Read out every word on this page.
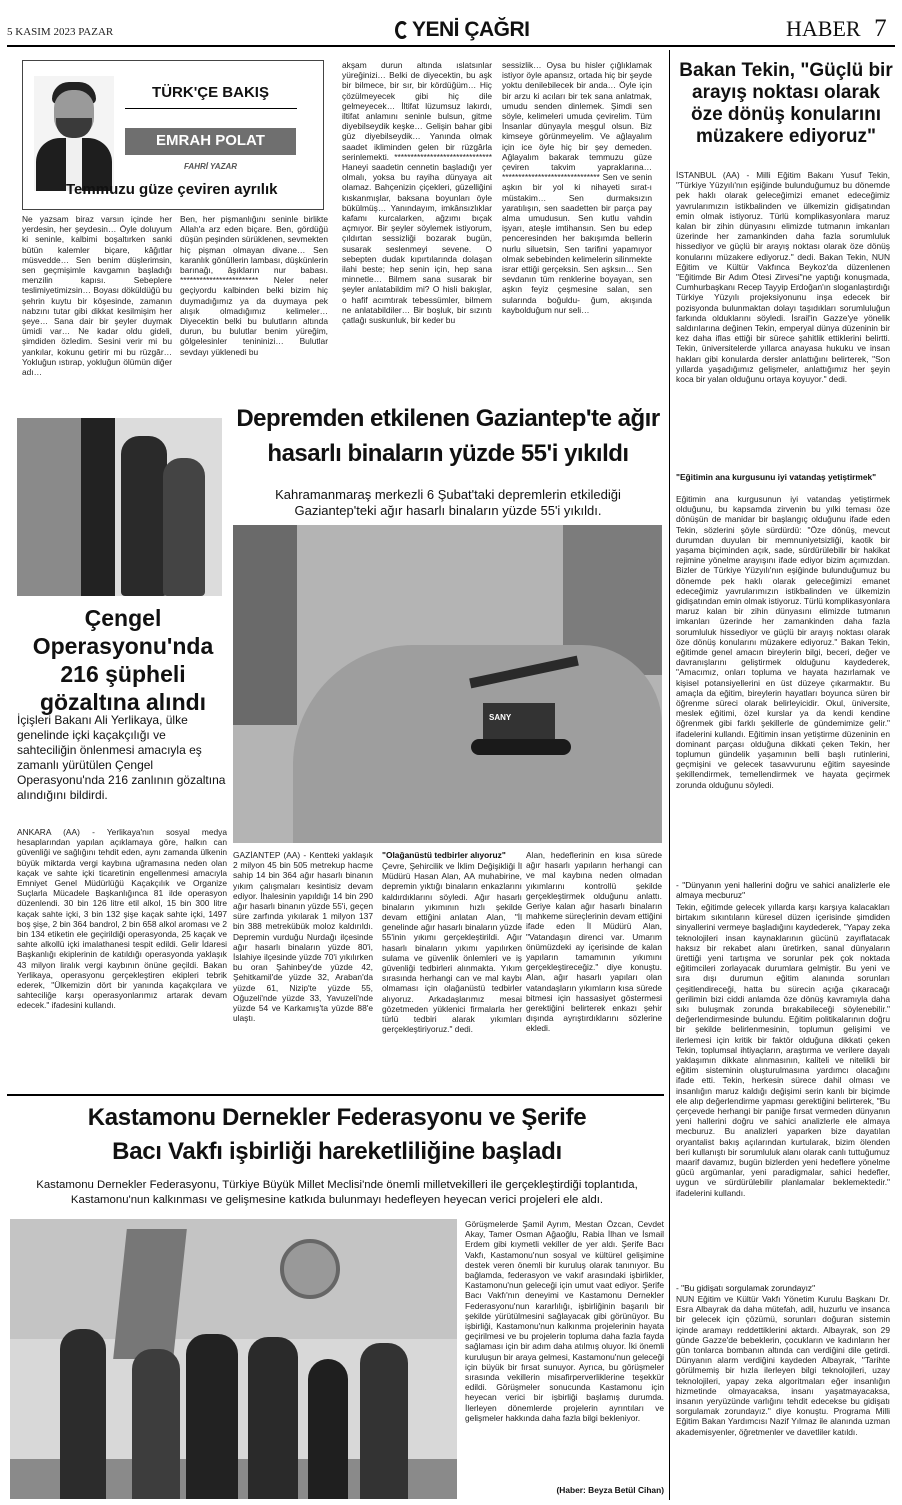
5 KASIM 2023 PAZAR	YENİ ÇAĞRI	HABER 7
TÜRK'ÇE BAKIŞ
EMRAH POLAT
FAHRİ YAZAR
Temmuzu güze çeviren ayrılık
Ne yazsam biraz varsın içinde her yerdesin, her şeydesin… Öyle doluyum ki seninle, kalbimi boşaltırken sanki bütün kalemler biçare, kâğıtlar müsvedde… Sen benim düşlerimsin, sen geçmişimle kavgamın başladığı menzilin kapısı. Sebeplere teslimiyetimizsin… Boyası döküldüğü bu şehrin kuytu bir köşesinde, zamanın nabzını tutar gibi dikkat kesilmişim her şeye… Sana dair bir şeyler duymak ümidi var… Ne kadar oldu gideli, şimdiden özledim. Sesini verir mi bu yankılar, kokunu getirir mi bu rüzgâr… Yokluğun ıstırap, yokluğun ölümün diğer adı…
Ben, her pişmanlığını seninle birlikte Allah'a arz eden biçare. Ben, gördüğü düşün peşinden sürüklenen, sevmekten hiç pişman olmayan divane… Sen karanlık gönüllerin lambası, düşkünlerin barınağı, âşıkların nur babası. ************************ Neler neler geçiyordu kalbinden belki bizim hiç duymadığımız ya da duymaya pek alışık olmadığımız kelimeler… Diyecektin belki bu bulutların altında durun, bu bulutlar benim yüreğim, gölgelesinler tenininizi… Bulutlar sevdayı yüklenedi bu
akşam durun altında ıslatsınlar yüreğinizi… Belki de diyecektin, bu aşk bir bilmece, bir sır, bir kördüğüm… Hiç çözülmeyecek gibi hiç dile gelmeyecek… İltifat lüzumsuz lakırdı, iltifat anlamını seninle bulsun, gitme diyebilseydik keşke… Gelişin bahar gibi güz diyebilseydik… Yanında olmak saadet ikliminden gelen bir rüzgârla serinlemekti. ****************************** Haneyi saadetin cennetin başladığı yer olmalı, yoksa bu rayiha dünyaya ait olamaz. Bahçenizin çiçekleri, güzelliğini kıskanmışlar, baksana boyunları öyle bükülmüş… Yanındayım, imkânsızlıklar kafamı kurcalarken, ağzımı bıçak açmıyor. Bir şeyler söylemek istiyorum, çıldırtan sessizliği bozarak bugün, susarak seslenmeyi sevene. O sebepten dudak kıpırtılarında dolaşan ilahi beste; hep senin için, hep sana minnetle… Bilmem sana susarak bir şeyler anlatabildim mi? O hisli bakışlar, o hafif acımtırak tebessümler, bilmem ne anlatabildiler… Bir boşluk, bir sızıntı çatlağı suskunluk, bir keder bu
sessizlik… Oysa bu hisler çığlıklamak istiyor öyle apansız, ortada hiç bir şeyde yoktu denilebilecek bir anda… Öyle için bir arzu ki acıları bir tek sana anlatmak, umudu senden dinlemek. Şimdi sen söyle, kelimeleri umuda çevirelim. Tüm İnsanlar dünyayla meşgul olsun. Biz kimseye görünmeyelim. Ve ağlayalım için ice öyle hiç bir şey demeden. Ağlayalım bakarak temmuzu güze çeviren takvim yapraklarına… ****************************** Sen ve senin aşkın bir yol ki nihayeti sırat-ı müstakim… Sen durmaksızın yaratılışın, sen saadetten bir parça pay alma umudusun. Sen kutlu vahdin işyarı, ateşle imtihansın. Sen bu edep penceresinden her bakışımda bellerin nurlu siluetsin, Sen tarifini yapamıyor olmak sebebinden kelimelerin silinmekte israr ettiği gerçeksin. Sen aşksın… Sen sevdanın tüm renklerine boyayan, sen aşkın feyiz çeşmesine salan, sen sularında boğuldu- ğum, akışında kaybolduğum nur seli…
Bakan Tekin, "Güçlü bir arayış noktası olarak öze dönüş konularını müzakere ediyoruz"
İSTANBUL (AA) - Milli Eğitim Bakanı Yusuf Tekin, "Türkiye Yüzyılı'nın eşiğinde bulunduğumuz bu dönemde pek haklı olarak geleceğimizi emanet edeceğimiz yavrularımızın istikbalinden ve ülkemizin gidişatından emin olmak istiyoruz. Türlü komplikasyonlara maruz kalan bir zihin dünyasını elimizde tutmanın imkanları üzerinde her zamankinden daha fazla sorumluluk hissediyor ve güçlü bir arayış noktası olarak öze dönüş konularını müzakere ediyoruz." dedi. Bakan Tekin, NUN Eğitim ve Kültür Vakfınca Beykoz'da düzenlenen "Eğitimde Bir Adım Ötesi Zirvesi"ne yaptığı konuşmada, Cumhurbaşkanı Recep Tayyip Erdoğan'ın sloganlaştırdığı Türkiye Yüzyılı projeksiyonunu inşa edecek bir pozisyonda bulunmaktan dolayı taşıdıkları sorumluluğun farkında olduklarını söyledi. İsrail'in Gazze'ye yönelik saldırılarına değinen Tekin, emperyal dünya düzeninin bir kez daha iflas ettiği bir sürece şahitlik ettiklerini belirtti. Tekin, üniversitelerde yıllarca anayasa hukuku ve insan hakları gibi konularda dersler anlattığını belirterek, "Son yıllarda yaşadığımız gelişmeler, anlattığımız her şeyin koca bir yalan olduğunu ortaya koyuyor." dedi.
"Eğitimin ana kurgusunu iyi vatandaş yetiştirmek"
Eğitimin ana kurgusunun iyi vatandaş yetiştirmek olduğunu, bu kapsamda zirvenin bu yılki teması öze dönüşün de manidar bir başlangıç olduğunu ifade eden Tekin, sözlerini şöyle sürdürdü: "Öze dönüş, mevcut durumdan duyulan bir memnuniyetsizliği, kaotik bir yaşama biçiminden açık, sade, sürdürülebilir bir hakikat rejimine yönelme arayışını ifade ediyor bizim açımızdan. Bizler de Türkiye Yüzyılı'nın eşiğinde bulunduğumuz bu dönemde pek haklı olarak geleceğimizi emanet edeceğimiz yavrularımızın istikbalinden ve ülkemizin gidişatından emin olmak istiyoruz. Türlü komplikasyonlara maruz kalan bir zihin dünyasını elimizde tutmanın imkanları üzerinde her zamankinden daha fazla sorumluluk hissediyor ve güçlü bir arayış noktası olarak öze dönüş konularını müzakere ediyoruz." Bakan Tekin, eğitimde genel amacın bireylerin bilgi, beceri, değer ve davranışlarını geliştirmek olduğunu kaydederek, "Amacımız, onları topluma ve hayata hazırlamak ve kişisel potansiyellerini en üst düzeye çıkarmaktır. Bu amaçla da eğitim, bireylerin hayatları boyunca süren bir öğrenme süreci olarak belirleyicidir. Okul, üniversite, meslek eğitimi, özel kurslar ya da kendi kendine öğrenmek gibi farklı şekillerle de gündemimize gelir." ifadelerini kullandı. Eğitimin insan yetiştirme düzeninin en dominant parçası olduğuna dikkati çeken Tekin, her toplumun gündelik yaşamının belli başlı rutinlerini, geçmişini ve gelecek tasavvurunu eğitim sayesinde şekillendirmek, temellendirmek ve hayata geçirmek zorunda olduğunu söyledi.
- "Dünyanın yeni hallerini doğru ve sahici analizlerle ele almaya mecburuz"
Tekin, eğitimde gelecek yıllarda karşı karşıya kalacakları birtakım sıkıntıların küresel düzen içerisinde şimdiden sinyallerini vermeye başladığını kaydederek, "Yapay zeka teknolojileri insan kaynaklarının gücünü zayıflatacak haksız bir rekabet alanı üretirken, sanal dünyaların ürettiği yeni tartışma ve sorunlar pek çok noktada eğitimcileri zorlayacak durumlara gelmiştir. Bu yeni ve sıra dışı durumun eğitim alanında sorunları çeşitlendireceği, hatta bu sürecin açığa çıkaracağı gerilimin bizi ciddi anlamda öze dönüş kavramıyla daha sıkı buluşmak zorunda bırakabileceği söylenebilir." değerlendirmesinde bulundu. Eğitim politikalarının doğru bir şekilde belirlenmesinin, toplumun gelişimi ve ilerlemesi için kritik bir faktör olduğuna dikkati çeken Tekin, toplumsal ihtiyaçların, araştırma ve verilere dayalı yaklaşımın dikkate alınmasının, kaliteli ve nitelikli bir eğitim sisteminin oluşturulmasına yardımcı olacağını ifade etti. Tekin, herkesin sürece dahil olması ve insanlığın maruz kaldığı değişimi serin kanlı bir biçimde ele alıp değerlendirme yapması gerektiğini belirterek, "Bu çerçevede herhangi bir paniğe fırsat vermeden dünyanın yeni hallerini doğru ve sahici analizlerle ele almaya mecburuz. Bu analizleri yaparken bize dayatılan oryantalist bakış açılarından kurtularak, bizim ölenden beri kullanıştı bir sorumluluk alanı olarak canlı tuttuğumuz maarif davamız, bugün bizlerden yeni hedeflere yönelme gücü argümanlar, yeni paradigmalar, sahici hedefler, uygun ve sürdürülebilir planlamalar beklemektedir." ifadelerini kullandı.
- "Bu gidişatı sorgulamak zorundayız"
NUN Eğitim ve Kültür Vakfı Yönetim Kurulu Başkanı Dr. Esra Albayrak da daha mütefah, adil, huzurlu ve insanca bir gelecek için çözümü, sorunları doğuran sistemin içinde aramayı reddettiklerini aktardı. Albayrak, son 29 günde Gazze'de bebeklerin, çocukların ve kadınların her gün tonlarca bombanın altında can verdiğini dile getirdi. Dünyanın alarm verdiğini kaydeden Albayrak, "Tarihte görülmemiş bir hızla ilerleyen bilgi teknolojileri, uzay teknolojileri, yapay zeka algoritmaları eğer insanlığın hizmetinde olmayacaksa, insanı yaşatmayacaksa, insanın yeryüzünde varlığını tehdit edecekse bu gidişatı sorgulamak zorundayız." diye konuştu. Programa Milli Eğitim Bakan Yardımcısı Nazif Yılmaz ile alanında uzman akademisyenler, öğretmenler ve davetliler katıldı.
Çengel Operasyonu'nda 216 şüpheli gözaltına alındı
İçişleri Bakanı Ali Yerlikaya, ülke genelinde içki kaçakçılığı ve sahteciliğin önlenmesi amacıyla eş zamanlı yürütülen Çengel Operasyonu'nda 216 zanlının gözaltına alındığını bildirdi.
ANKARA (AA) - Yerlikaya'nın sosyal medya hesaplarından yapılan açıklamaya göre, halkın can güvenliği ve sağlığını tehdit eden, aynı zamanda ülkenin büyük miktarda vergi kaybına uğramasına neden olan kaçak ve sahte içki ticaretinin engellenmesi amacıyla Emniyet Genel Müdürlüğü Kaçakçılık ve Organize Suçlarla Mücadele Başkanlığınca 81 ilde operasyon düzenlendi. 30 bin 126 litre etil alkol, 15 bin 300 litre kaçak sahte içki, 3 bin 132 şişe kaçak sahte içki, 1497 boş şişe, 2 bin 364 bandrol, 2 bin 658 alkol aroması ve 2 bin 134 etiketin ele geçirildiği operasyonda, 25 kaçak ve sahte alkollü içki imalathanesi tespit edildi. Gelir İdaresi Başkanlığı ekiplerinin de katıldığı operasyonda yaklaşık 43 milyon liralık vergi kaybının önüne geçildi. Bakan Yerlikaya, operasyonu gerçekleştiren ekipleri tebrik ederek, "Ülkemizin dört bir yanında kaçakçılara ve sahteciliğe karşı operasyonlarımız artarak devam edecek." ifadesini kullandı.
Depremden etkilenen Gaziantep'te ağır
hasarlı binaların yüzde 55'i yıkıldı
Kahramanmaraş merkezli 6 Şubat'taki depremlerin etkilediği
Gaziantep'teki ağır hasarlı binaların yüzde 55'i yıkıldı.
SANY
GAZİANTEP (AA) - Kentteki yaklaşık 2 milyon 45 bin 505 metrekup hacme sahip 14 bin 364 ağır hasarlı binanın yıkım çalışmaları kesintisiz devam ediyor. İhalesinin yapıldığı 14 bin 290 ağır hasarlı binanın yüzde 55'i, geçen süre zarfında yıkılarak 1 milyon 137 bin 388 metrekübük moloz kaldırıldı. Depremin vurduğu Nurdağı ilçesinde ağır hasarlı binaların yüzde 80'i, İslahiye ilçesinde yüzde 70'i yıkılırken bu oran Şahinbey'de yüzde 42, Şehitkamil'de yüzde 32, Araban'da yüzde 61, Nizip'te yüzde 55, Oğuzeli'nde yüzde 33, Yavuzeli'nde yüzde 54 ve Karkamış'ta yüzde 88'e ulaştı.
"Olağanüstü tedbirler alıyoruz"
Çevre, Şehircilik ve İklim Değişikliği İl Müdürü Hasan Alan, AA muhabirine, depremin yıktığı binaların enkazlarını kaldırdıklarını söyledi. Ağır hasarlı binaların yıkımının hızlı şekilde devam ettiğini anlatan Alan, "İl genelinde ağır hasarlı binaların yüzde 55'inin yıkımı gerçekleştirildi. Ağır hasarlı binaların yıkımı yapılırken sulama ve güvenlik önlemleri ve iş güvenliği tedbirleri alınmakta. Yıkım sırasında herhangi can ve mal kaybı olmaması için olağanüstü tedbirler alıyoruz. Arkadaşlarımız mesai gözetmeden yüklenici firmalarla her türlü tedbiri alarak yıkımları gerçekleştiriyoruz." dedi.
Alan, hedeflerinin en kısa sürede ağır hasarlı yapıların herhangi can ve mal kaybına neden olmadan yıkımlarını kontrollü şekilde gerçekleştirmek olduğunu anlattı. Geriye kalan ağır hasarlı binaların mahkeme süreçlerinin devam ettiğini ifade eden İl Müdürü Alan, "Vatandaşın direnci var. Umarım önümüzdeki ay içerisinde de kalan yapıların tamamının yıkımını gerçekleştireceğiz." diye konuştu. Alan, ağır hasarlı yapıları olan vatandaşların yıkımların kısa sürede bitmesi için hassasiyet göstermesi gerektiğini belirterek enkazı şehir dışında ayrıştırdıklarını sözlerine ekledi.
Kastamonu Dernekler Federasyonu ve Şerife
Bacı Vakfı işbirliği hareketliliğine başladı
Kastamonu Dernekler Federasyonu, Türkiye Büyük Millet Meclisi'nde önemli milletvekilleri ile gerçekleştirdiği toplantıda, Kastamonu'nun kalkınması ve gelişmesine katkıda bulunmayı hedefleyen heyecan verici projeleri ele aldı.
Görüşmelerde Şamil Ayrım, Mestan Özcan, Cevdet Akay, Tamer Osman Ağaoğlu, Rabia İlhan ve İsmail Erdem gibi kıymetli vekiller de yer aldı. Şerife Bacı Vakfı, Kastamonu'nun sosyal ve kültürel gelişimine destek veren önemli bir kuruluş olarak tanınıyor. Bu bağlamda, federasyon ve vakıf arasındaki işbirlikler, Kastamonu'nun geleceği için umut vaat ediyor. Şerife Bacı Vakfı'nın deneyimi ve Kastamonu Dernekler Federasyonu'nun kararlılığı, işbirliğinin başarılı bir şekilde yürütülmesini sağlayacak gibi görünüyor. Bu işbirliği, Kastamonu'nun kalkınma projelerinin hayata geçirilmesi ve bu projelerin topluma daha fazla fayda sağlaması için bir adım daha atılmış oluyor. İki önemli kuruluşun bir araya gelmesi, Kastamonu'nun geleceği için büyük bir fırsat sunuyor. Ayrıca, bu görüşmeler sırasında vekillerin misafirperverliklerine teşekkür edildi. Görüşmeler sonucunda Kastamonu için heyecan verici bir işbirliği başlamış durumda. İlerleyen dönemlerde projelerin ayrıntıları ve gelişmeler hakkında daha fazla bilgi bekleniyor.
(Haber: Beyza Betül Cihan)
